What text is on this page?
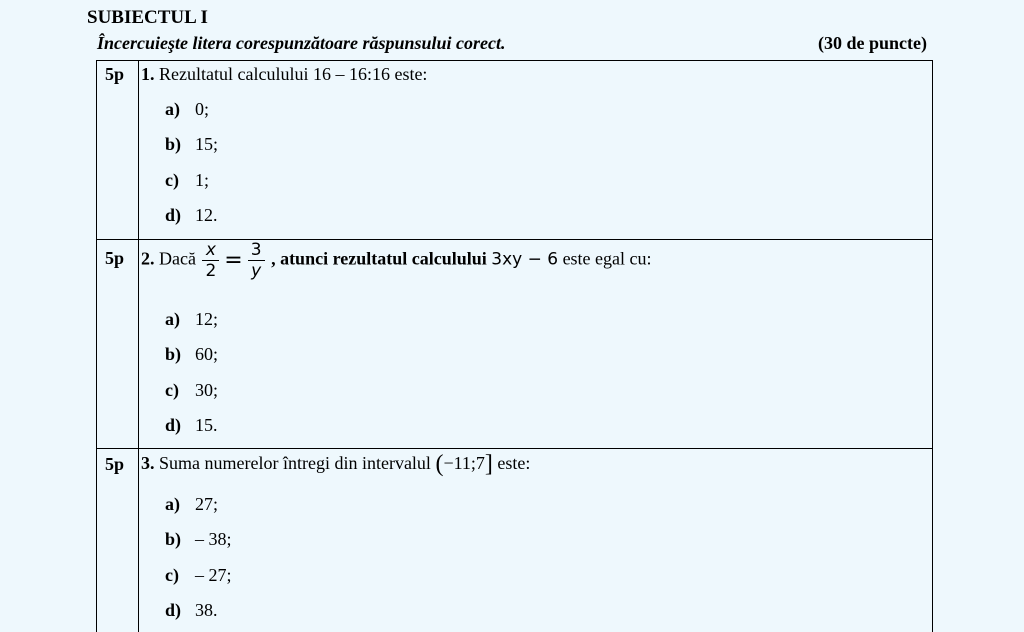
SUBIECTUL I
Încercuieşte litera corespunzătoare răspunsului corect.	(30 de puncte)
5p 1. Rezultatul calculului 16 – 16:16 este:
a) 0;
b) 15;
c) 1;
d) 12.
5p 2. Dacă $\frac{x}{2} = \frac{3}{y}$ , atunci rezultatul calculului 3xy − 6 este egal cu:
a) 12;
b) 60;
c) 30;
d) 15.
5p 3. Suma numerelor întregi din intervalul (−11;7] este:
a) 27;
b) – 38;
c) – 27;
d) 38.
